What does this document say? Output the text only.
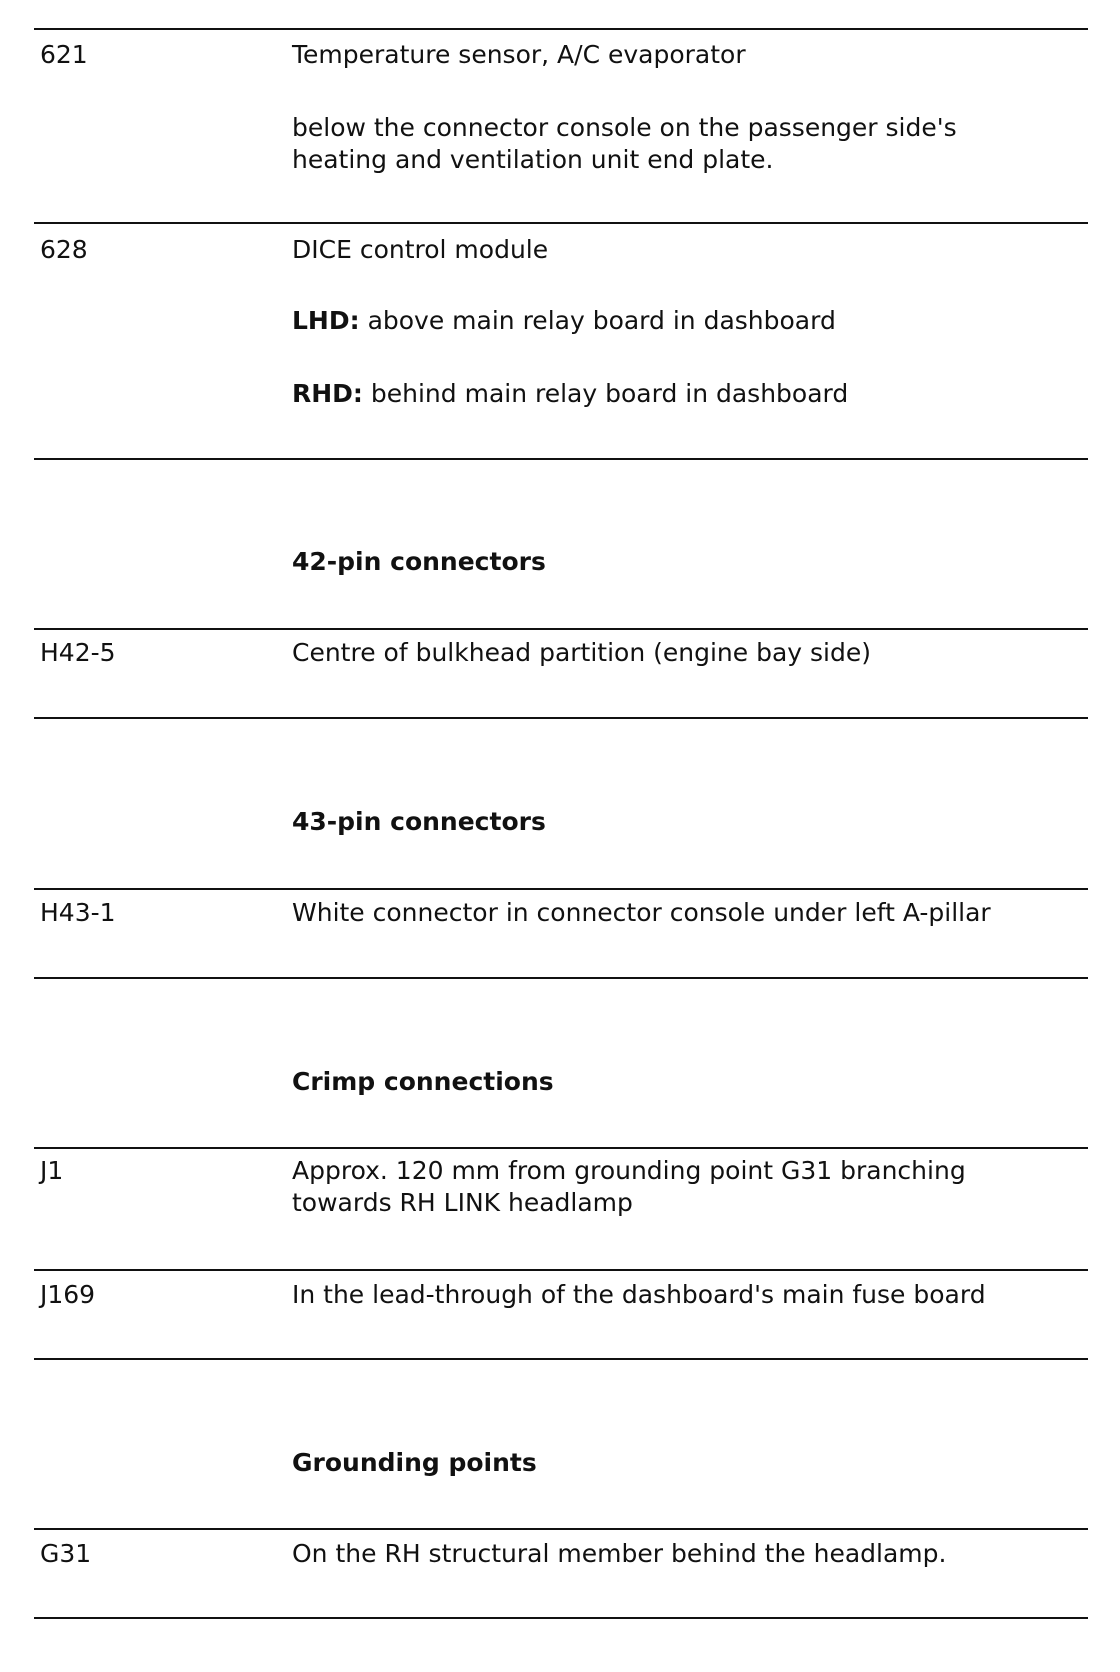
621	Temperature sensor, A/C evaporator
below the connector console on the passenger side's heating and ventilation unit end plate.
628	DICE control module
LHD: above main relay board in dashboard
RHD: behind main relay board in dashboard
42-pin connectors
H42-5	Centre of bulkhead partition (engine bay side)
43-pin connectors
H43-1	White connector in connector console under left A-pillar
Crimp connections
J1	Approx. 120 mm from grounding point G31 branching towards RH LINK headlamp
J169	In the lead-through of the dashboard's main fuse board
Grounding points
G31	On the RH structural member behind the headlamp.
